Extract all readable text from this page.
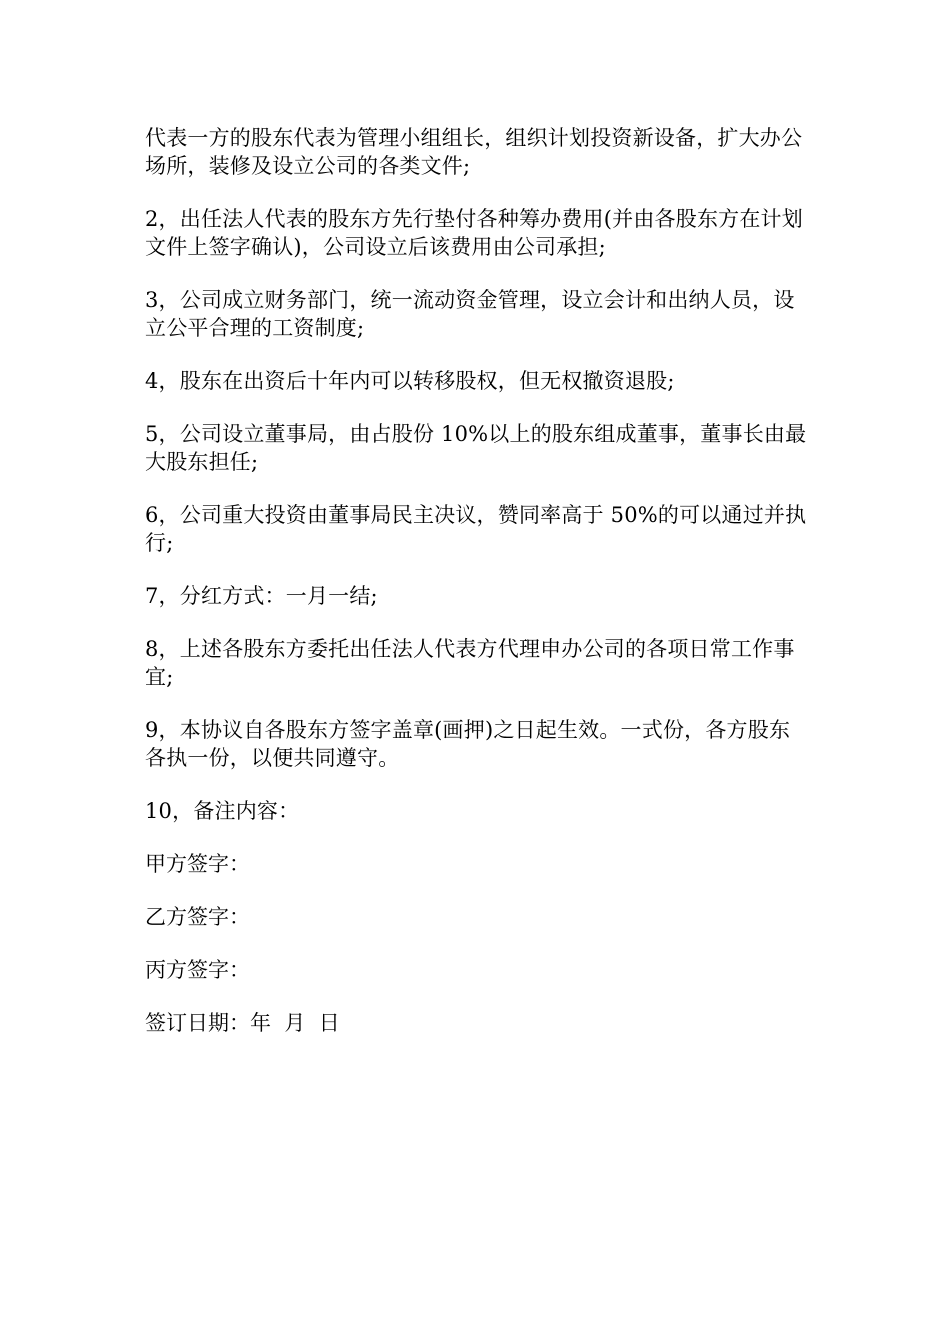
代表一方的股东代表为管理小组组长，组织计划投资新设备，扩大办公场所，装修及设立公司的各类文件;

2，出任法人代表的股东方先行垫付各种筹办费用(并由各股东方在计划文件上签字确认)，公司设立后该费用由公司承担;

3，公司成立财务部门，统一流动资金管理，设立会计和出纳人员，设立公平合理的工资制度;

4，股东在出资后十年内可以转移股权，但无权撤资退股;

5，公司设立董事局，由占股份 10%以上的股东组成董事，董事长由最大股东担任;

6，公司重大投资由董事局民主决议，赞同率高于 50%的可以通过并执行;

7，分红方式：一月一结;

8，上述各股东方委托出任法人代表方代理申办公司的各项日常工作事宜;

9，本协议自各股东方签字盖章(画押)之日起生效。一式份，各方股东各执一份，以便共同遵守。

10，备注内容：

甲方签字：

乙方签字：

丙方签字：

签订日期：年  月  日
